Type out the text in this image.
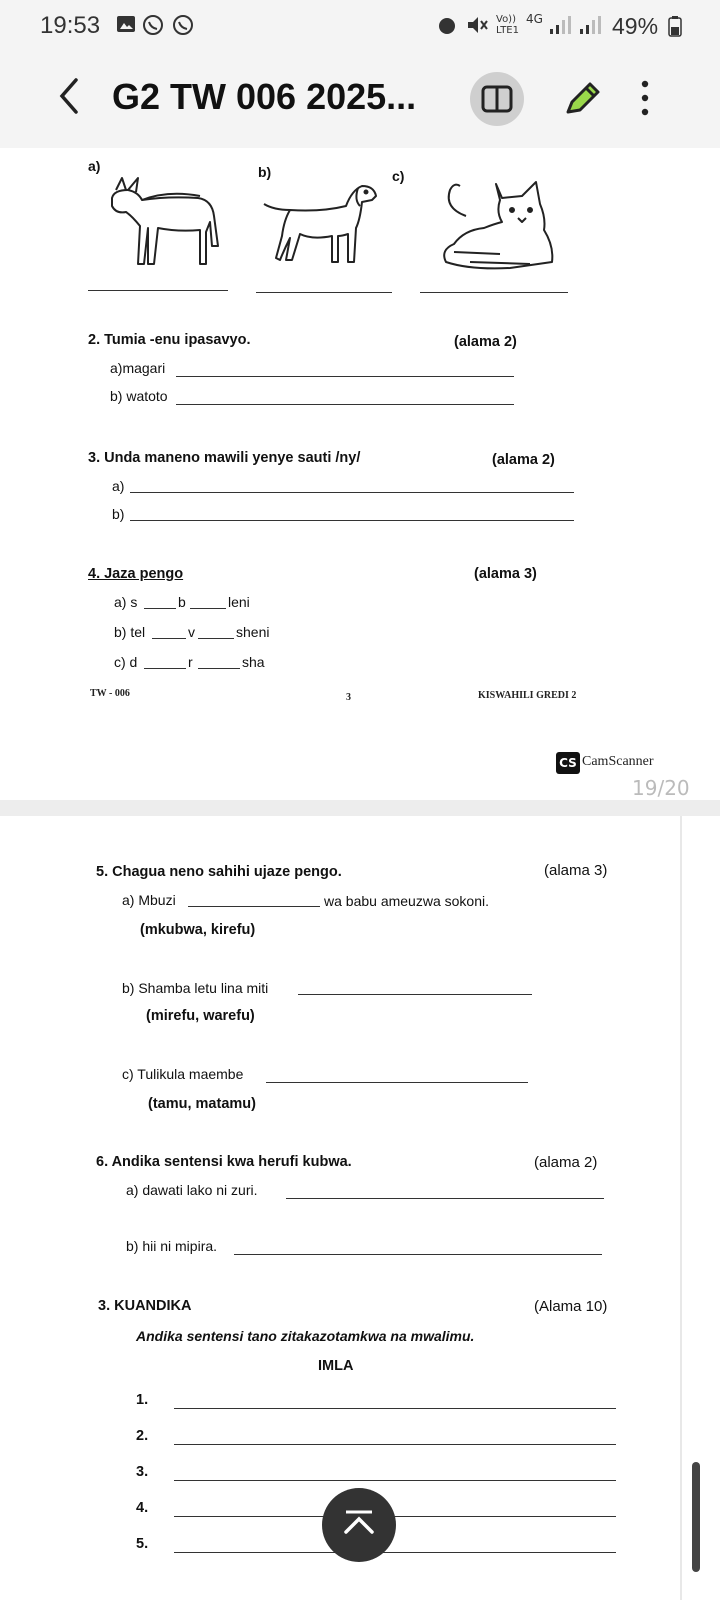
19:53	Vo))
LTE1
4G	49%
G2 TW 006 2025...
a)	b)	c)
2. Tumia -enu ipasavyo.	(alama 2)
a)magari
b) watoto
3. Unda maneno mawili yenye sauti /ny/	(alama 2)
a)
b)
4. Jaza pengo	(alama 3)
a) s	b	leni
b) tel	v	sheni
c) d	r	sha
TW - 006	3	KISWAHILI GREDI 2
CS CamScanner
19/20
5. Chagua neno sahihi ujaze pengo.	(alama 3)
a) Mbuzi	wa babu ameuzwa sokoni.
(mkubwa, kirefu)
b) Shamba letu lina miti
(mirefu, warefu)
c) Tulikula maembe
(tamu, matamu)
6. Andika sentensi kwa herufi kubwa.	(alama 2)
a) dawati lako ni zuri.
b) hii ni mipira.
3. KUANDIKA	(Alama 10)
Andika sentensi tano zitakazotamkwa na mwalimu.
IMLA
1.
2.
3.
4.
5.
